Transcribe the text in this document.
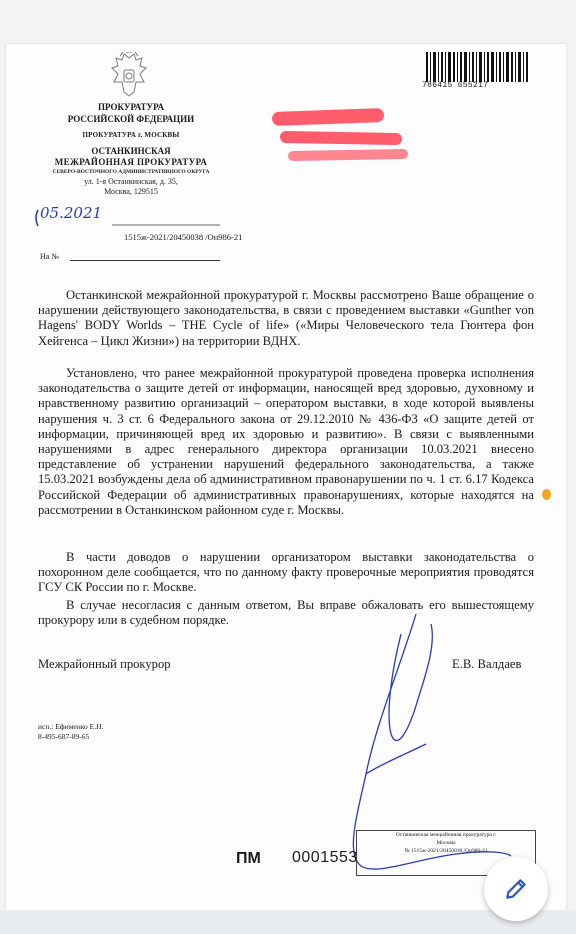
ПРОКУРАТУРА
РОССИЙСКОЙ ФЕДЕРАЦИИ
ПРОКУРАТУРА г. МОСКВЫ
ОСТАНКИНСКАЯ
МЕЖРАЙОННАЯ ПРОКУРАТУРА
СЕВЕРО-ВОСТОЧНОГО АДМИНИСТРАТИВНОГО ОКРУГА
ул. 1-я Останкинская, д. 35,
Москва, 129515
05.2021
1515ж-2021/20450038 /Он986-21
На №
786415 655217

Останкинской межрайонной прокуратурой г. Москвы рассмотрено Ваше обращение о нарушении действующего законодательства, в связи с проведением выставки «Gunther von Hagens' BODY Worlds – THE Cycle of life» («Миры Человеческого тела Гюнтера фон Хейгенса – Цикл Жизни») на территории ВДНХ.

Установлено, что ранее межрайонной прокуратурой проведена проверка исполнения законодательства о защите детей от информации, наносящей вред здоровью, духовному и нравственному развитию организаций – оператором выставки, в ходе которой выявлены нарушения ч. 3 ст. 6 Федерального закона от 29.12.2010 № 436-ФЗ «О защите детей от информации, причиняющей вред их здоровью и развитию». В связи с выявленными нарушениями в адрес генерального директора организации 10.03.2021 внесено представление об устранении нарушений федерального законодательства, а также 15.03.2021 возбуждены дела об административном правонарушении по ч. 1 ст. 6.17 Кодекса Российской Федерации об административных правонарушениях, которые находятся на рассмотрении в Останкинском районном суде г. Москвы.

В части доводов о нарушении организатором выставки законодательства о похоронном деле сообщается, что по данному факту проверочные мероприятия проводятся ГСУ СК России по г. Москве.

В случае несогласия с данным ответом, Вы вправе обжаловать его вышестоящему прокурору или в судебном порядке.

Межрайонный прокурор	Е.В. Валдаев
исп.: Ефименко Е.Н.
8-495-687-89-65
Останкинская межрайонная прокуратура г.
Москвы
№ 1515ж-2021/20450038 /Он986-21
ПМ 0001553
